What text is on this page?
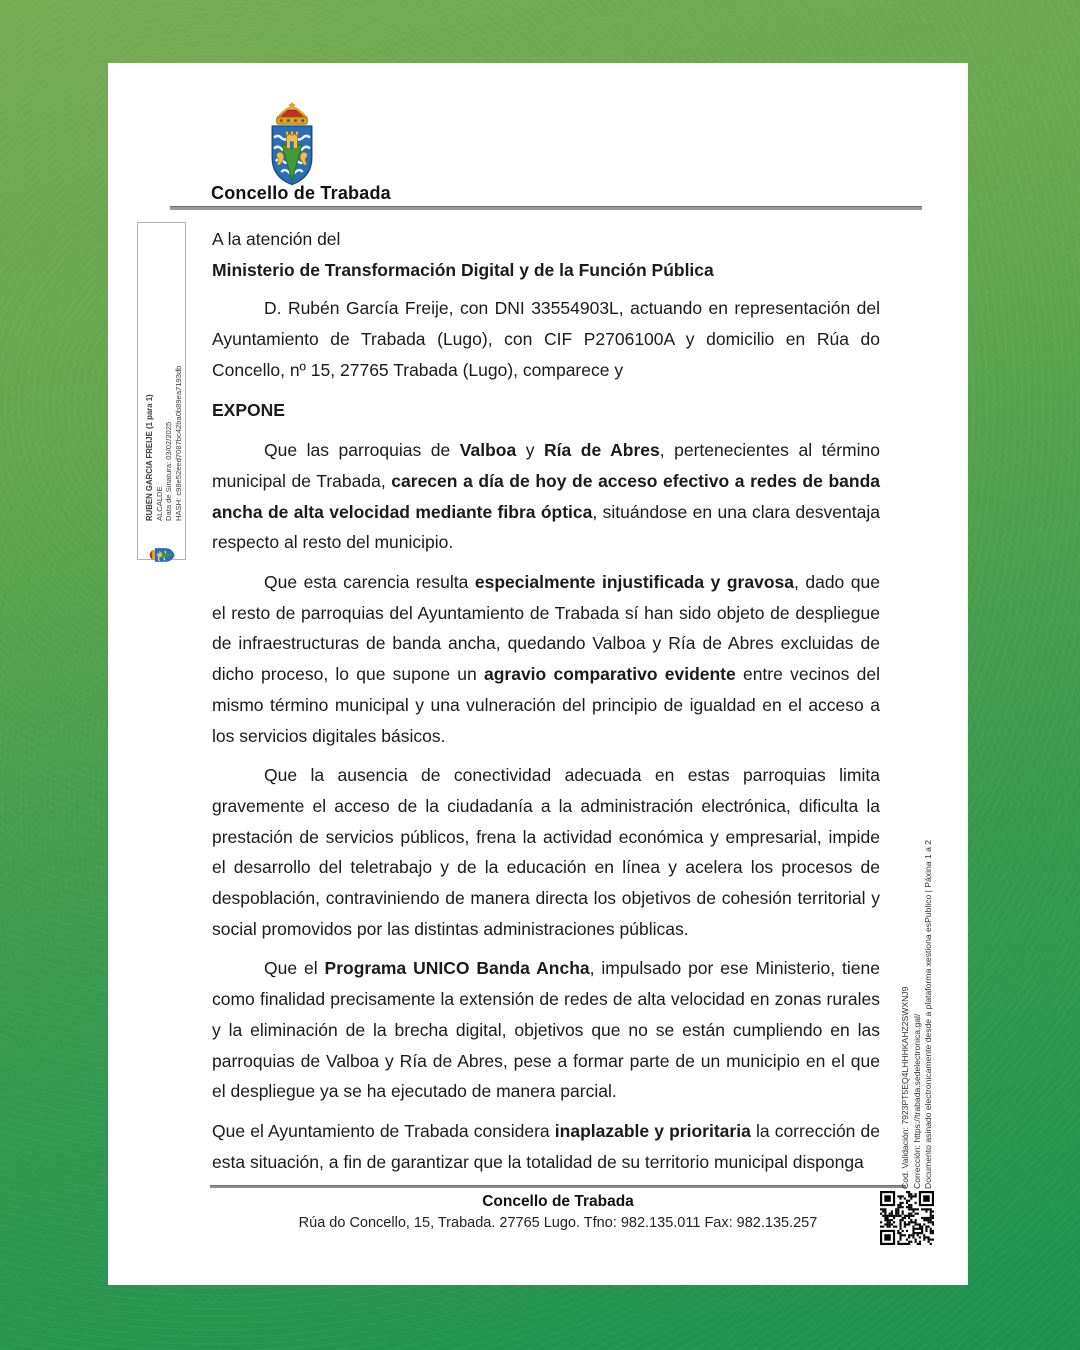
Concello de Trabada
RUBEN GARCIA FREIJE (1 para 1) ALCALDE Data de Sinatura: 03/02/2025 HASH: c98e52eed7087bc42ba0b89ea7193db

A la atención del

Ministerio de Transformación Digital y de la Función Pública

D. Rubén García Freije, con DNI 33554903L, actuando en representación del Ayuntamiento de Trabada (Lugo), con CIF P2706100A y domicilio en Rúa do Concello, nº 15, 27765 Trabada (Lugo), comparece y

EXPONE

Que las parroquias de Valboa y Ría de Abres, pertenecientes al término municipal de Trabada, carecen a día de hoy de acceso efectivo a redes de banda ancha de alta velocidad mediante fibra óptica, situándose en una clara desventaja respecto al resto del municipio.

Que esta carencia resulta especialmente injustificada y gravosa, dado que el resto de parroquias del Ayuntamiento de Trabada sí han sido objeto de despliegue de infraestructuras de banda ancha, quedando Valboa y Ría de Abres excluidas de dicho proceso, lo que supone un agravio comparativo evidente entre vecinos del mismo término municipal y una vulneración del principio de igualdad en el acceso a los servicios digitales básicos.

Que la ausencia de conectividad adecuada en estas parroquias limita gravemente el acceso de la ciudadanía a la administración electrónica, dificulta la prestación de servicios públicos, frena la actividad económica y empresarial, impide el desarrollo del teletrabajo y de la educación en línea y acelera los procesos de despoblación, contraviniendo de manera directa los objetivos de cohesión territorial y social promovidos por las distintas administraciones públicas.

Que el Programa UNICO Banda Ancha, impulsado por ese Ministerio, tiene como finalidad precisamente la extensión de redes de alta velocidad en zonas rurales y la eliminación de la brecha digital, objetivos que no se están cumpliendo en las parroquias de Valboa y Ría de Abres, pese a formar parte de un municipio en el que el despliegue ya se ha ejecutado de manera parcial.

Que el Ayuntamiento de Trabada considera inaplazable y prioritaria la corrección de esta situación, a fin de garantizar que la totalidad de su territorio municipal disponga

Concello de Trabada
Rúa do Concello, 15, Trabada. 27765 Lugo. Tfno: 982.135.011 Fax: 982.135.257
Cod. Validación: 7923PT5EQ4LHHHKAHZ2SWXNJ9 Corrección: https://trabada.sedelectronica.gal/ Documento asinado electronicamente desde a plataforma xestiona esPublico | Páxina 1 a 2
